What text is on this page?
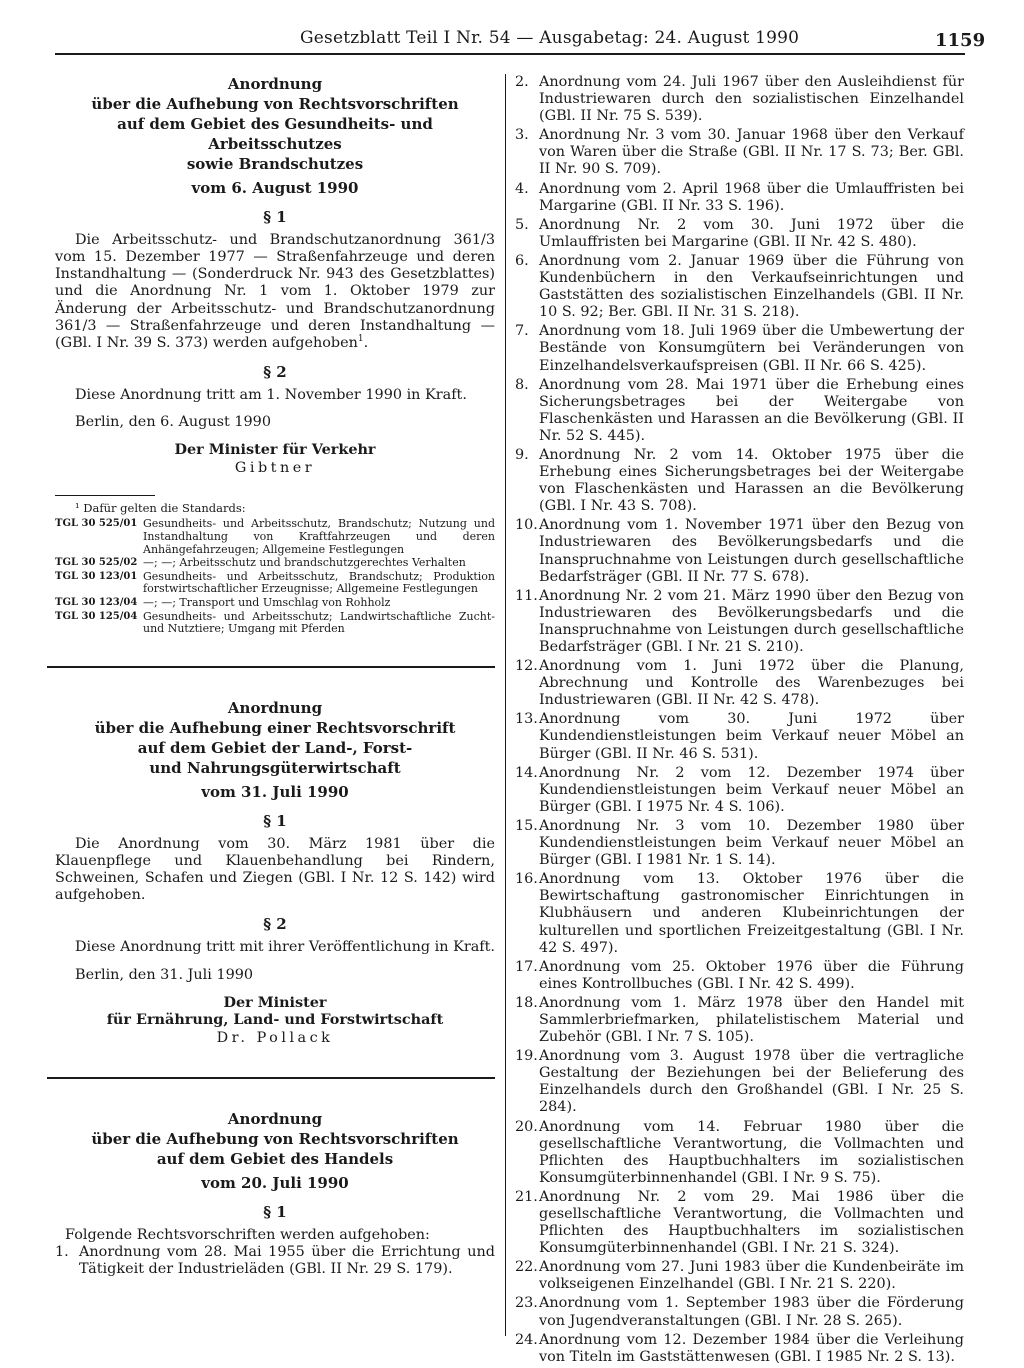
Gesetzblatt Teil I Nr. 54 — Ausgabetag: 24. August 1990	1159
Anordnung
über die Aufhebung von Rechtsvorschriften
auf dem Gebiet des Gesundheits- und Arbeitsschutzes
sowie Brandschutzes
vom 6. August 1990
§ 1

Die Arbeitsschutz- und Brandschutzanordnung 361/3 vom 15. Dezember 1977 — Straßenfahrzeuge und deren Instandhaltung — (Sonderdruck Nr. 943 des Gesetzblattes) und die Anordnung Nr. 1 vom 1. Oktober 1979 zur Änderung der Arbeitsschutz- und Brandschutzanordnung 361/3 — Straßenfahrzeuge und deren Instandhaltung — (GBl. I Nr. 39 S. 373) werden aufgehoben$^1$.

§ 2

Diese Anordnung tritt am 1. November 1990 in Kraft.

Berlin, den 6. August 1990
Der Minister für Verkehr
Gibtner
¹ Dafür gelten die Standards:
TGL 30 525/01 Gesundheits- und Arbeitsschutz, Brandschutz; Nutzung und Instandhaltung von Kraftfahrzeugen und deren Anhängefahrzeugen; Allgemeine Festlegungen
TGL 30 525/02 —; —; Arbeitsschutz und brandschutzgerechtes Verhalten
TGL 30 123/01 Gesundheits- und Arbeitsschutz, Brandschutz; Produktion forstwirtschaftlicher Erzeugnisse; Allgemeine Festlegungen
TGL 30 123/04 —; —; Transport und Umschlag von Rohholz
TGL 30 125/04 Gesundheits- und Arbeitsschutz; Landwirtschaftliche Zucht- und Nutztiere; Umgang mit Pferden
Anordnung
über die Aufhebung einer Rechtsvorschrift
auf dem Gebiet der Land-, Forst-
und Nahrungsgüterwirtschaft
vom 31. Juli 1990
§ 1

Die Anordnung vom 30. März 1981 über die Klauenpflege und Klauenbehandlung bei Rindern, Schweinen, Schafen und Ziegen (GBl. I Nr. 12 S. 142) wird aufgehoben.

§ 2

Diese Anordnung tritt mit ihrer Veröffentlichung in Kraft.

Berlin, den 31. Juli 1990
Der Minister
für Ernährung, Land- und Forstwirtschaft
Dr. Pollack
Anordnung
über die Aufhebung von Rechtsvorschriften
auf dem Gebiet des Handels
vom 20. Juli 1990
§ 1

Folgende Rechtsvorschriften werden aufgehoben:

1. Anordnung vom 28. Mai 1955 über die Errichtung und Tätigkeit der Industrieläden (GBl. II Nr. 29 S. 179).
2. Anordnung vom 24. Juli 1967 über den Ausleihdienst für Industriewaren durch den sozialistischen Einzelhandel (GBl. II Nr. 75 S. 539).
3. Anordnung Nr. 3 vom 30. Januar 1968 über den Verkauf von Waren über die Straße (GBl. II Nr. 17 S. 73; Ber. GBl. II Nr. 90 S. 709).
4. Anordnung vom 2. April 1968 über die Umlauffristen bei Margarine (GBl. II Nr. 33 S. 196).
5. Anordnung Nr. 2 vom 30. Juni 1972 über die Umlauffristen bei Margarine (GBl. II Nr. 42 S. 480).
6. Anordnung vom 2. Januar 1969 über die Führung von Kundenbüchern in den Verkaufseinrichtungen und Gaststätten des sozialistischen Einzelhandels (GBl. II Nr. 10 S. 92; Ber. GBl. II Nr. 31 S. 218).
7. Anordnung vom 18. Juli 1969 über die Umbewertung der Bestände von Konsumgütern bei Veränderungen von Einzelhandelsverkaufspreisen (GBl. II Nr. 66 S. 425).
8. Anordnung vom 28. Mai 1971 über die Erhebung eines Sicherungsbetrages bei der Weitergabe von Flaschenkästen und Harassen an die Bevölkerung (GBl. II Nr. 52 S. 445).
9. Anordnung Nr. 2 vom 14. Oktober 1975 über die Erhebung eines Sicherungsbetrages bei der Weitergabe von Flaschenkästen und Harassen an die Bevölkerung (GBl. I Nr. 43 S. 708).
10. Anordnung vom 1. November 1971 über den Bezug von Industriewaren des Bevölkerungsbedarfs und die Inanspruchnahme von Leistungen durch gesellschaftliche Bedarfsträger (GBl. II Nr. 77 S. 678).
11. Anordnung Nr. 2 vom 21. März 1990 über den Bezug von Industriewaren des Bevölkerungsbedarfs und die Inanspruchnahme von Leistungen durch gesellschaftliche Bedarfsträger (GBl. I Nr. 21 S. 210).
12. Anordnung vom 1. Juni 1972 über die Planung, Abrechnung und Kontrolle des Warenbezuges bei Industriewaren (GBl. II Nr. 42 S. 478).
13. Anordnung vom 30. Juni 1972 über Kundendienstleistungen beim Verkauf neuer Möbel an Bürger (GBl. II Nr. 46 S. 531).
14. Anordnung Nr. 2 vom 12. Dezember 1974 über Kundendienstleistungen beim Verkauf neuer Möbel an Bürger (GBl. I 1975 Nr. 4 S. 106).
15. Anordnung Nr. 3 vom 10. Dezember 1980 über Kundendienstleistungen beim Verkauf neuer Möbel an Bürger (GBl. I 1981 Nr. 1 S. 14).
16. Anordnung vom 13. Oktober 1976 über die Bewirtschaftung gastronomischer Einrichtungen in Klubhäusern und anderen Klubeinrichtungen der kulturellen und sportlichen Freizeitgestaltung (GBl. I Nr. 42 S. 497).
17. Anordnung vom 25. Oktober 1976 über die Führung eines Kontrollbuches (GBl. I Nr. 42 S. 499).
18. Anordnung vom 1. März 1978 über den Handel mit Sammlerbriefmarken, philatelistischem Material und Zubehör (GBl. I Nr. 7 S. 105).
19. Anordnung vom 3. August 1978 über die vertragliche Gestaltung der Beziehungen bei der Belieferung des Einzelhandels durch den Großhandel (GBl. I Nr. 25 S. 284).
20. Anordnung vom 14. Februar 1980 über die gesellschaftliche Verantwortung, die Vollmachten und Pflichten des Hauptbuchhalters im sozialistischen Konsumgüterbinnenhandel (GBl. I Nr. 9 S. 75).
21. Anordnung Nr. 2 vom 29. Mai 1986 über die gesellschaftliche Verantwortung, die Vollmachten und Pflichten des Hauptbuchhalters im sozialistischen Konsumgüterbinnenhandel (GBl. I Nr. 21 S. 324).
22. Anordnung vom 27. Juni 1983 über die Kundenbeiräte im volkseigenen Einzelhandel (GBl. I Nr. 21 S. 220).
23. Anordnung vom 1. September 1983 über die Förderung von Jugendveranstaltungen (GBl. I Nr. 28 S. 265).
24. Anordnung vom 12. Dezember 1984 über die Verleihung von Titeln im Gaststättenwesen (GBl. I 1985 Nr. 2 S. 13).
